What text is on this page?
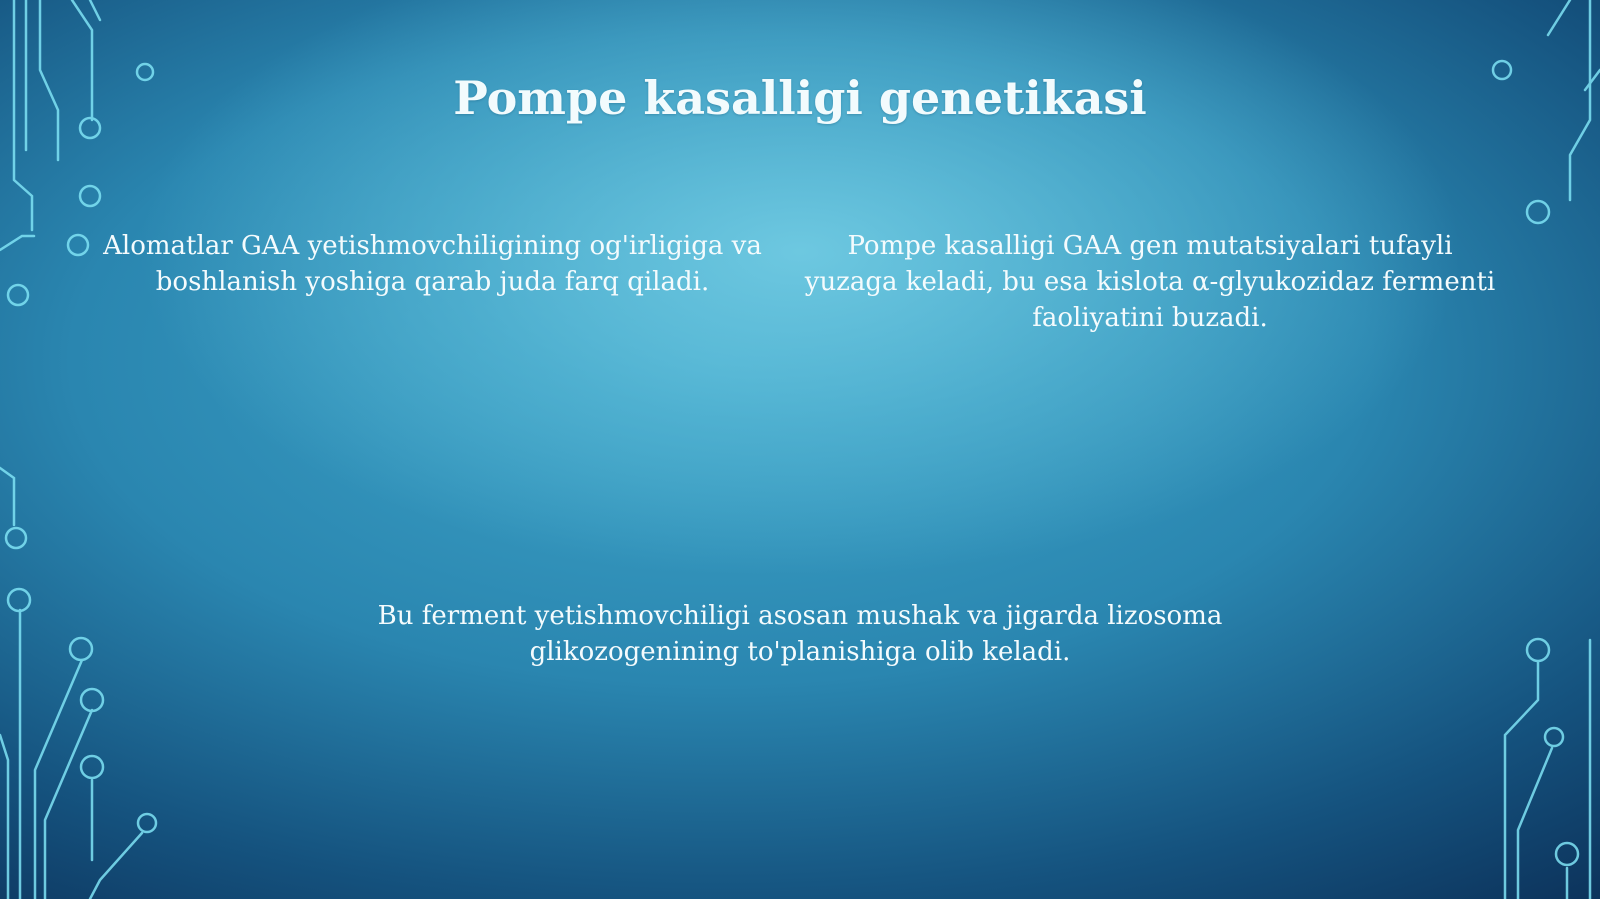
Pompe kasalligi genetikasi

Alomatlar GAA yetishmovchiligining og'irligiga va boshlanish yoshiga qarab juda farq qiladi.

Pompe kasalligi GAA gen mutatsiyalari tufayli yuzaga keladi, bu esa kislota α-glyukozidaz fermenti faoliyatini buzadi.

Bu ferment yetishmovchiligi asosan mushak va jigarda lizosoma glikozogenining to'planishiga olib keladi.
